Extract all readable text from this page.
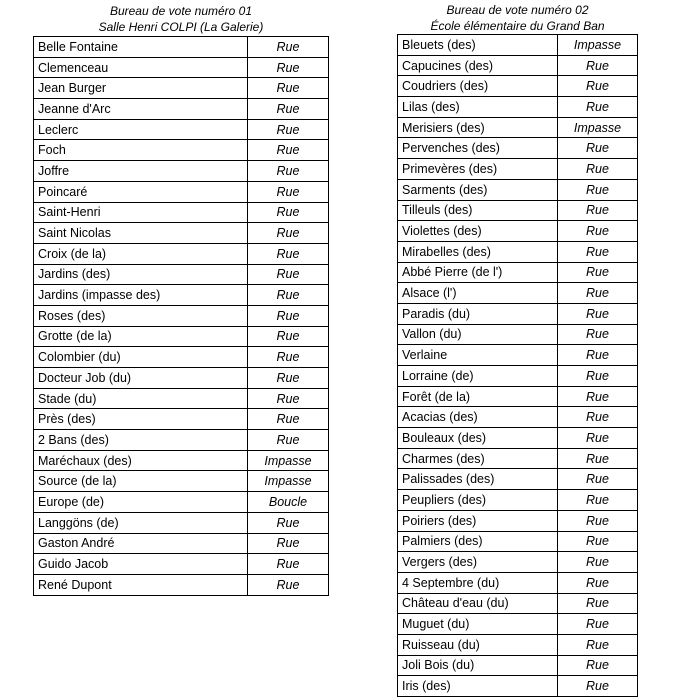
Bureau de vote numéro 01
Salle Henri COLPI (La Galerie)
Belle Fontaine	Rue
Clemenceau	Rue
Jean Burger	Rue
Jeanne d'Arc	Rue
Leclerc	Rue
Foch	Rue
Joffre	Rue
Poincaré	Rue
Saint-Henri	Rue
Saint Nicolas	Rue
Croix (de la)	Rue
Jardins (des)	Rue
Jardins (impasse des)	Rue
Roses (des)	Rue
Grotte (de la)	Rue
Colombier (du)	Rue
Docteur Job (du)	Rue
Stade (du)	Rue
Près (des)	Rue
2 Bans (des)	Rue
Maréchaux (des)	Impasse
Source (de la)	Impasse
Europe (de)	Boucle
Langgöns (de)	Rue
Gaston André	Rue
Guido Jacob	Rue
René Dupont	Rue
Bureau de vote numéro 02
École élémentaire du Grand Ban
Bleuets (des)	Impasse
Capucines (des)	Rue
Coudriers (des)	Rue
Lilas (des)	Rue
Merisiers (des)	Impasse
Pervenches (des)	Rue
Primevères (des)	Rue
Sarments (des)	Rue
Tilleuls (des)	Rue
Violettes (des)	Rue
Mirabelles (des)	Rue
Abbé Pierre (de l')	Rue
Alsace (l')	Rue
Paradis (du)	Rue
Vallon (du)	Rue
Verlaine	Rue
Lorraine (de)	Rue
Forêt (de la)	Rue
Acacias (des)	Rue
Bouleaux (des)	Rue
Charmes (des)	Rue
Palissades (des)	Rue
Peupliers (des)	Rue
Poiriers (des)	Rue
Palmiers (des)	Rue
Vergers (des)	Rue
4 Septembre (du)	Rue
Château d'eau (du)	Rue
Muguet (du)	Rue
Ruisseau (du)	Rue
Joli Bois (du)	Rue
Iris (des)	Rue
